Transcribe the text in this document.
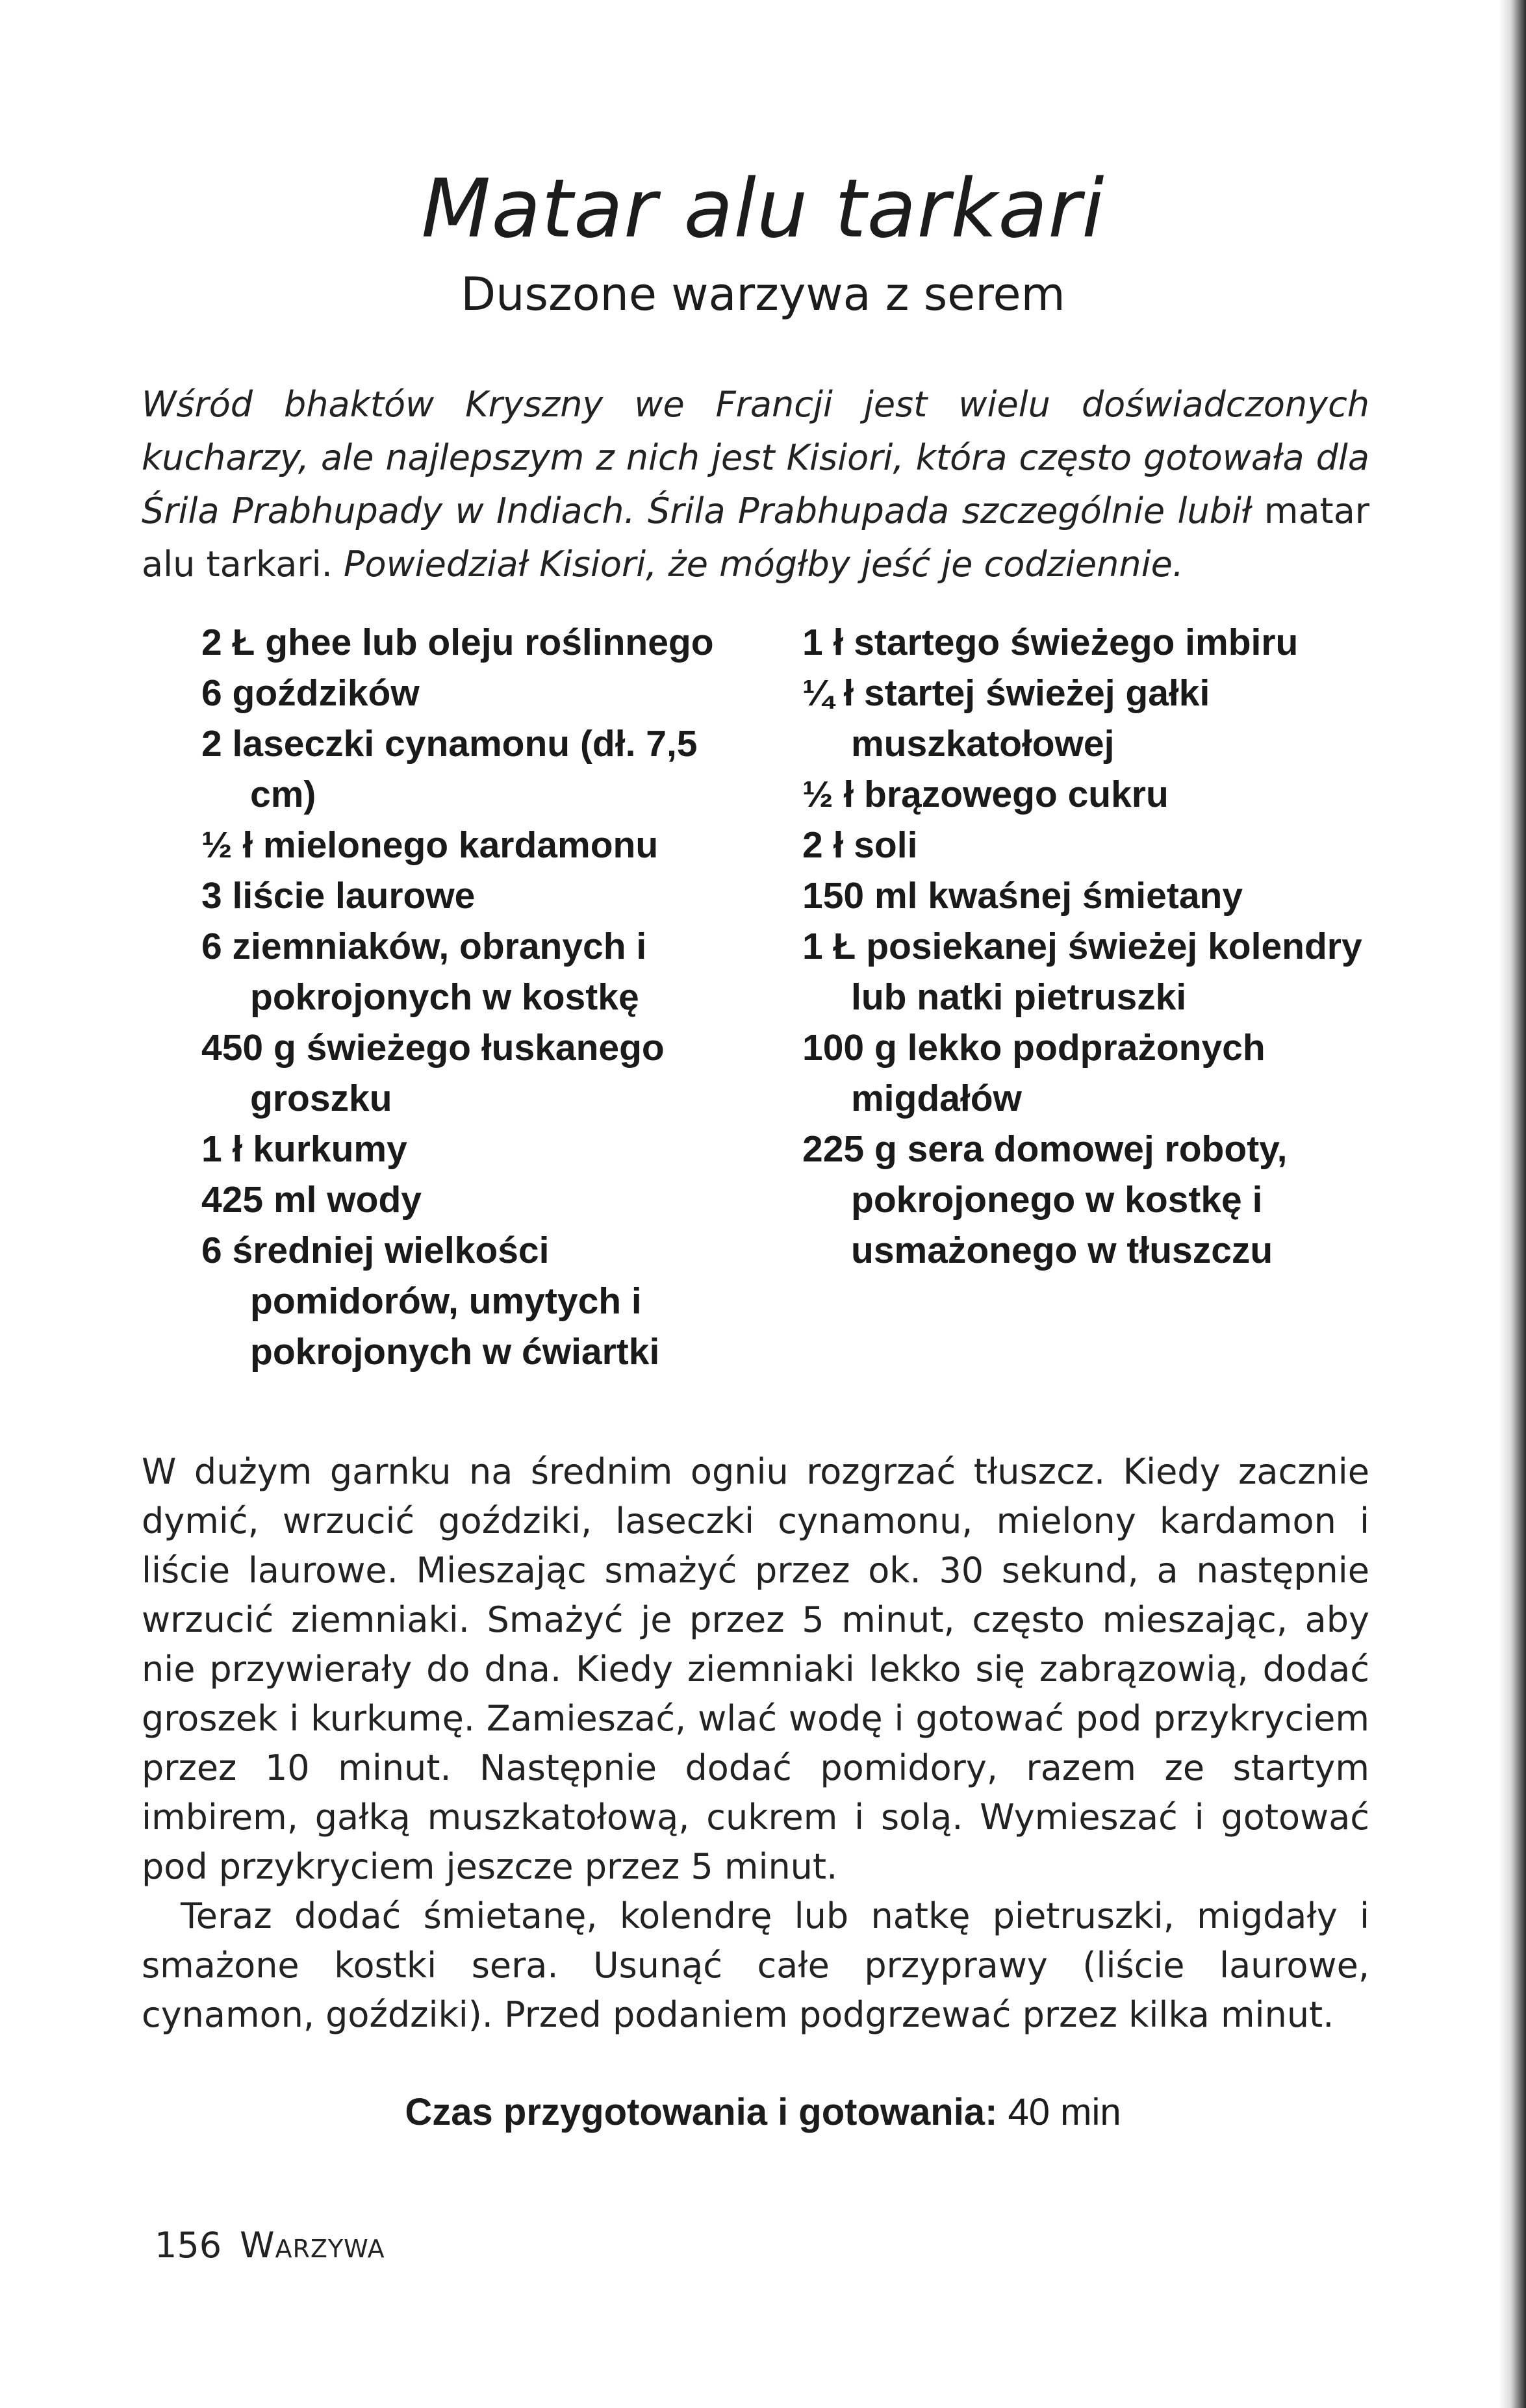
Matar alu tarkari
Duszone warzywa z serem

Wśród bhaktów Kryszny we Francji jest wielu doświadczonych kucharzy, ale najlepszym z nich jest Kisiori, która często gotowała dla Śrila Prabhupady w Indiach. Śrila Prabhupada szczególnie lubił matar alu tarkari. Powiedział Kisiori, że mógłby jeść je codziennie.

2 Ł ghee lub oleju roślinnego
6 goździków
2 laseczki cynamonu (dł. 7,5 cm)
½ ł mielonego kardamonu
3 liście laurowe
6 ziemniaków, obranych i pokrojonych w kostkę
450 g świeżego łuskanego groszku
1 ł kurkumy
425 ml wody
6 średniej wielkości pomidorów, umytych i pokrojonych w ćwiartki
1 ł startego świeżego imbiru
¼ ł startej świeżej gałki muszkatołowej
½ ł brązowego cukru
2 ł soli
150 ml kwaśnej śmietany
1 Ł posiekanej świeżej kolendry lub natki pietruszki
100 g lekko podprażonych migdałów
225 g sera domowej roboty, pokrojonego w kostkę i usmażonego w tłuszczu

W dużym garnku na średnim ogniu rozgrzać tłuszcz. Kiedy zacznie dymić, wrzucić goździki, laseczki cynamonu, mielony kardamon i liście laurowe. Mieszając smażyć przez ok. 30 sekund, a następnie wrzucić ziemniaki. Smażyć je przez 5 minut, często mieszając, aby nie przywierały do dna. Kiedy ziemniaki lekko się zabrązowią, dodać groszek i kurkumę. Zamieszać, wlać wodę i gotować pod przykryciem przez 10 minut. Następnie dodać pomidory, razem ze startym imbirem, gałką muszkatołową, cukrem i solą. Wymieszać i gotować pod przykryciem jeszcze przez 5 minut.

Teraz dodać śmietanę, kolendrę lub natkę pietruszki, migdały i smażone kostki sera. Usunąć całe przyprawy (liście laurowe, cynamon, goździki). Przed podaniem podgrzewać przez kilka minut.

Czas przygotowania i gotowania: 40 min
156 Warzywa
